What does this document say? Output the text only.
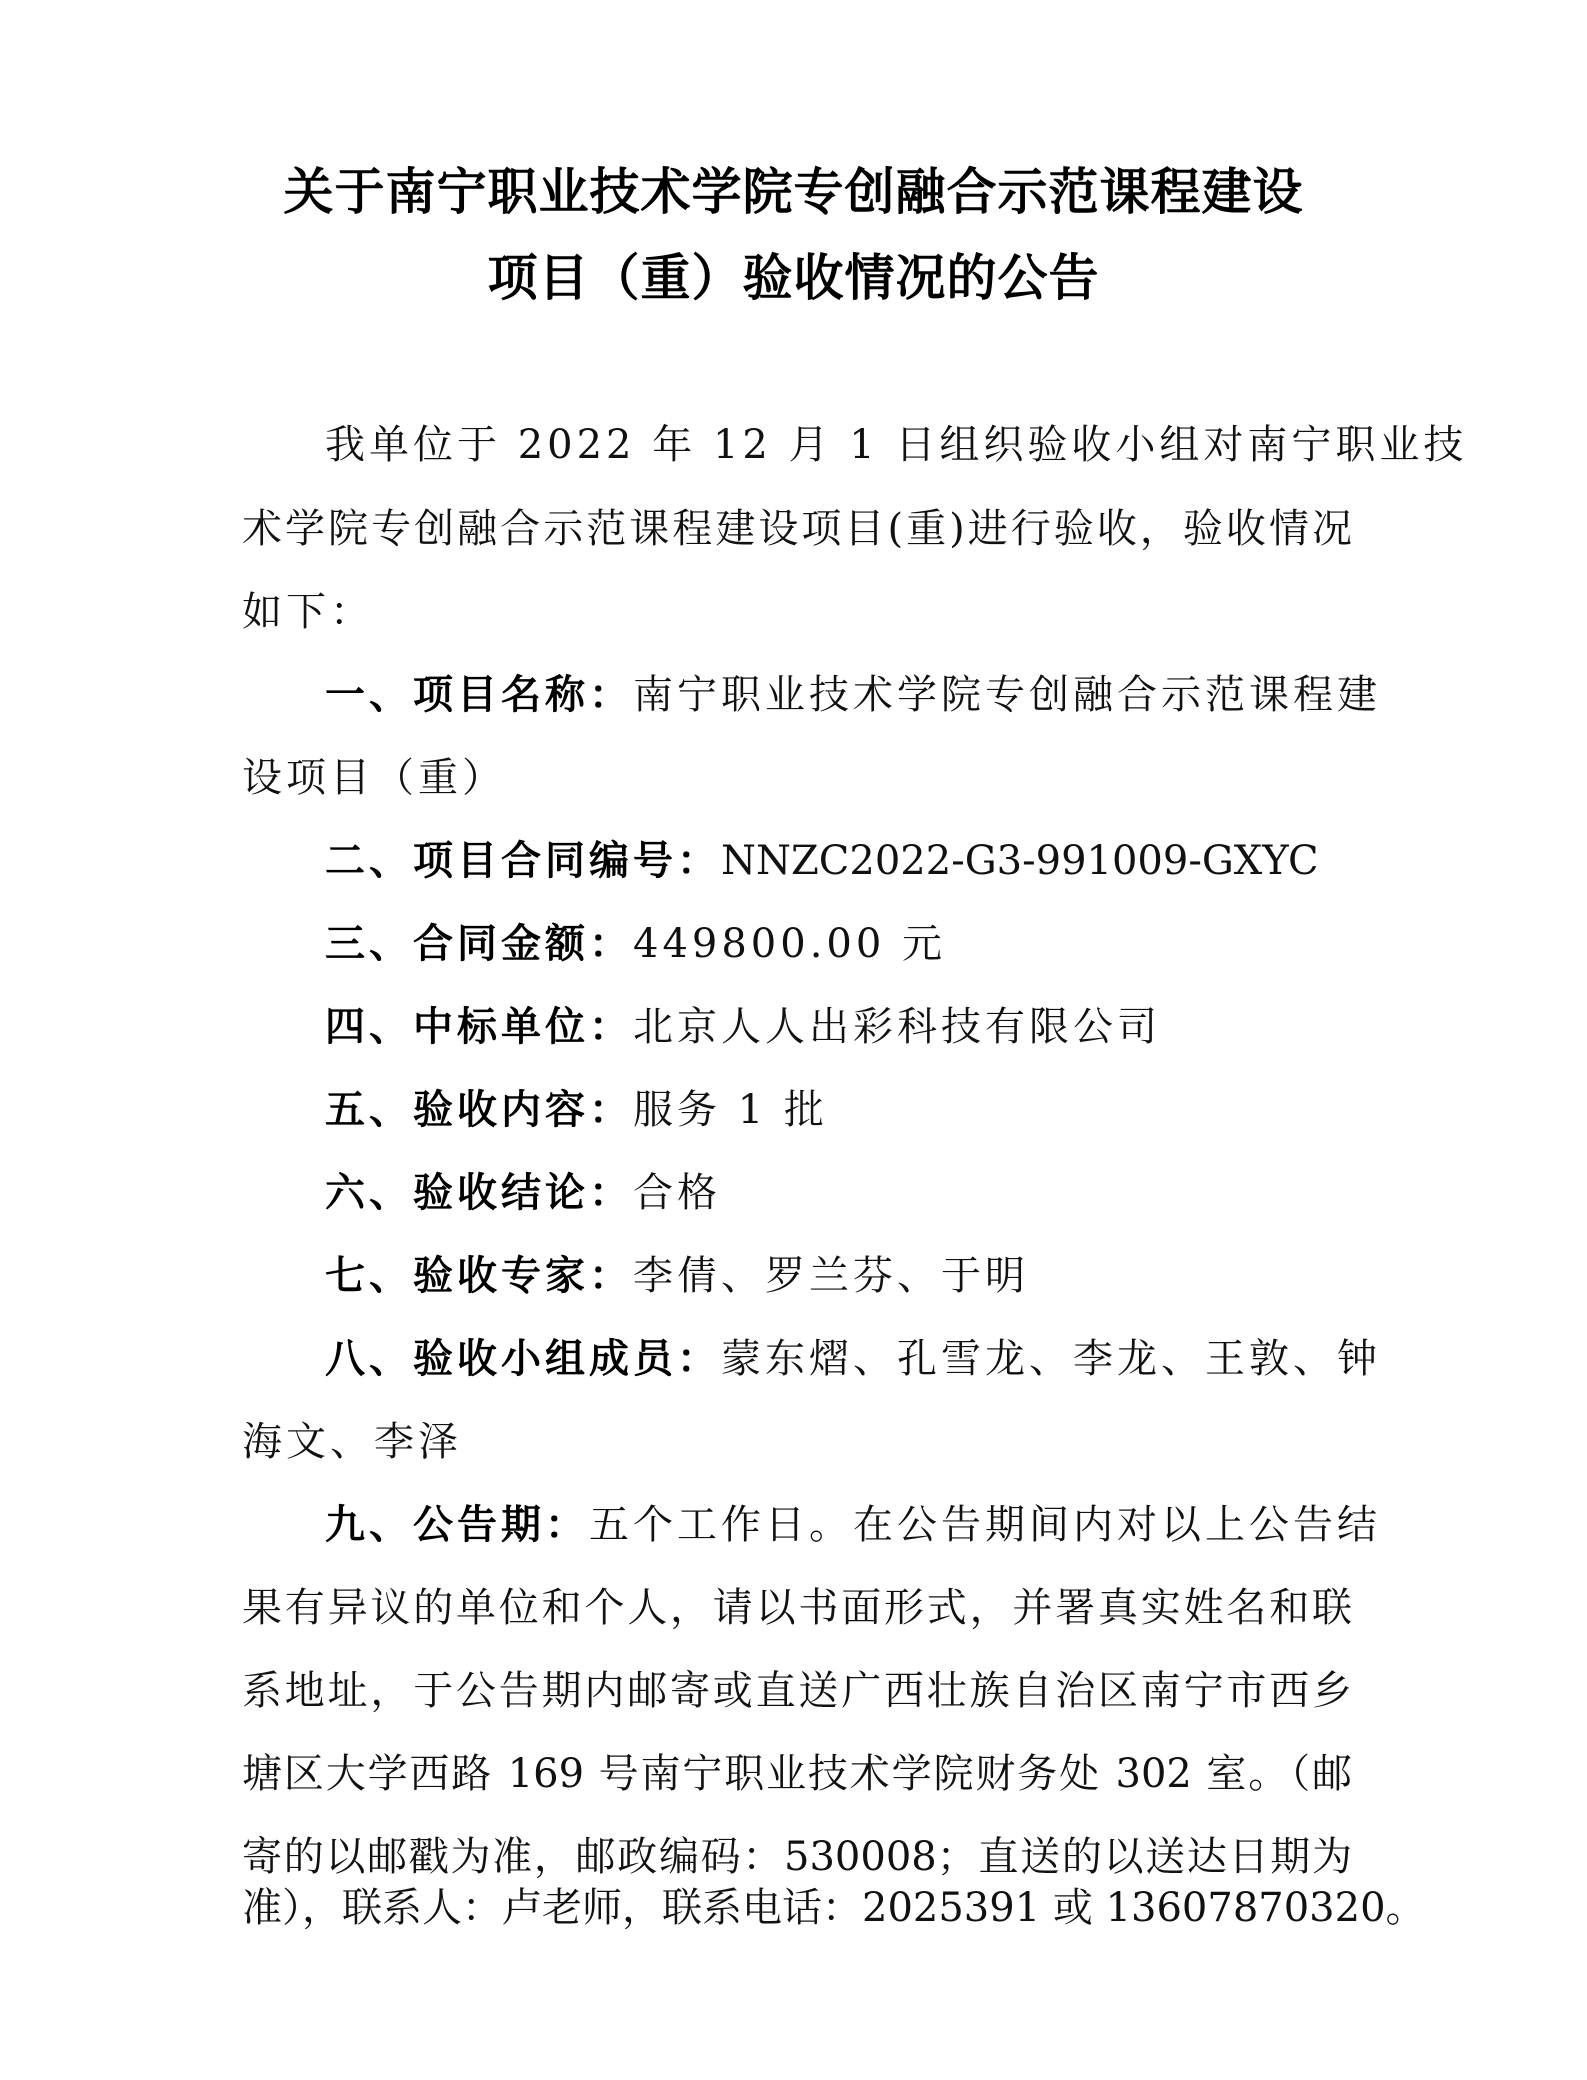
关于南宁职业技术学院专创融合示范课程建设
项目（重）验收情况的公告
我单位于 2022 年 12 月 1 日组织验收小组对南宁职业技
术学院专创融合示范课程建设项目(重)进行验收，验收情况
如下：
一、项目名称：南宁职业技术学院专创融合示范课程建
设项目（重）
二、项目合同编号：NNZC2022-G3-991009-GXYC
三、合同金额：449800.00 元
四、中标单位：北京人人出彩科技有限公司
五、验收内容：服务 1 批
六、验收结论：合格
七、验收专家：李倩、罗兰芬、于明
八、验收小组成员：蒙东熠、孔雪龙、李龙、王敦、钟
海文、李泽
九、公告期：五个工作日。在公告期间内对以上公告结
果有异议的单位和个人，请以书面形式，并署真实姓名和联
系地址，于公告期内邮寄或直送广西壮族自治区南宁市西乡
塘区大学西路 169 号南宁职业技术学院财务处 302 室。（邮
寄的以邮戳为准，邮政编码：530008；直送的以送达日期为
准），联系人：卢老师，联系电话：2025391 或 13607870320。
